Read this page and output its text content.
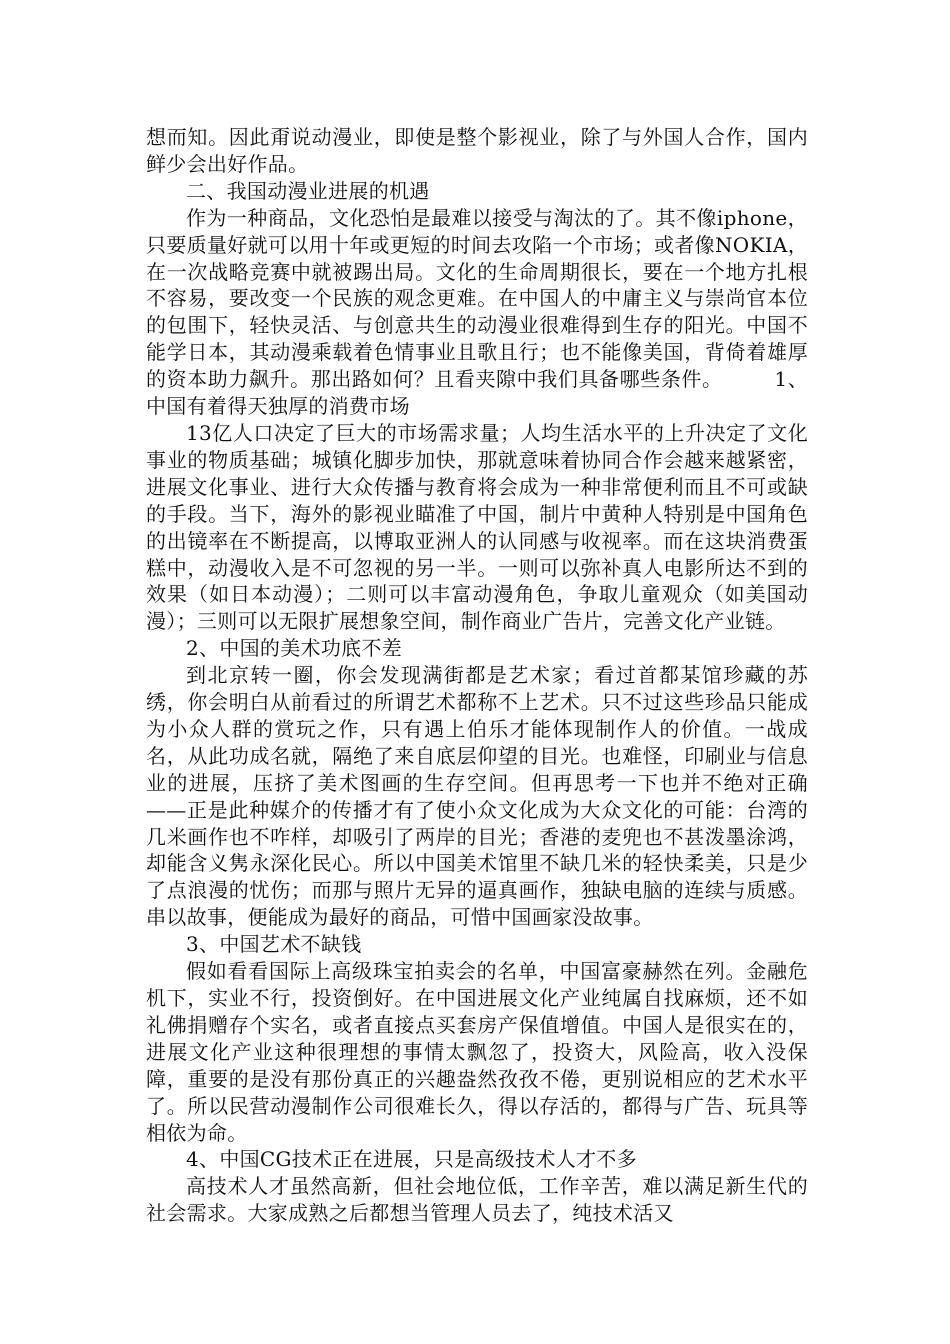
想而知。因此甭说动漫业，即使是整个影视业，除了与外国人合作，国内鲜少会出好作品。

二、我国动漫业进展的机遇

作为一种商品，文化恐怕是最难以接受与淘汰的了。其不像iphone，只要质量好就可以用十年或更短的时间去攻陷一个市场；或者像NOKIA，在一次战略竞赛中就被踢出局。文化的生命周期很长，要在一个地方扎根不容易，要改变一个民族的观念更难。在中国人的中庸主义与崇尚官本位的包围下，轻快灵活、与创意共生的动漫业很难得到生存的阳光。中国不能学日本，其动漫乘载着色情事业且歌且行；也不能像美国，背倚着雄厚的资本助力飙升。那出路如何？且看夹隙中我们具备哪些条件。　　　1、中国有着得天独厚的消费市场

13亿人口决定了巨大的市场需求量；人均生活水平的上升决定了文化事业的物质基础；城镇化脚步加快，那就意味着协同合作会越来越紧密，进展文化事业、进行大众传播与教育将会成为一种非常便利而且不可或缺的手段。当下，海外的影视业瞄准了中国，制片中黄种人特别是中国角色的出镜率在不断提高，以博取亚洲人的认同感与收视率。而在这块消费蛋糕中，动漫收入是不可忽视的另一半。一则可以弥补真人电影所达不到的效果（如日本动漫）；二则可以丰富动漫角色，争取儿童观众（如美国动漫）；三则可以无限扩展想象空间，制作商业广告片，完善文化产业链。

2、中国的美术功底不差

到北京转一圈，你会发现满街都是艺术家；看过首都某馆珍藏的苏绣，你会明白从前看过的所谓艺术都称不上艺术。只不过这些珍品只能成为小众人群的赏玩之作，只有遇上伯乐才能体现制作人的价值。一战成名，从此功成名就，隔绝了来自底层仰望的目光。也难怪，印刷业与信息业的进展，压挤了美术图画的生存空间。但再思考一下也并不绝对正确——正是此种媒介的传播才有了使小众文化成为大众文化的可能：台湾的几米画作也不咋样，却吸引了两岸的目光；香港的麦兜也不甚泼墨涂鸿，却能含义隽永深化民心。所以中国美术馆里不缺几米的轻快柔美，只是少了点浪漫的忧伤；而那与照片无异的逼真画作，独缺电脑的连续与质感。串以故事，便能成为最好的商品，可惜中国画家没故事。

3、中国艺术不缺钱

假如看看国际上高级珠宝拍卖会的名单，中国富豪赫然在列。金融危机下，实业不行，投资倒好。在中国进展文化产业纯属自找麻烦，还不如礼佛捐赠存个实名，或者直接点买套房产保值增值。中国人是很实在的，进展文化产业这种很理想的事情太飘忽了，投资大，风险高，收入没保障，重要的是没有那份真正的兴趣盎然孜孜不倦，更别说相应的艺术水平了。所以民营动漫制作公司很难长久，得以存活的，都得与广告、玩具等相依为命。

4、中国CG技术正在进展，只是高级技术人才不多

高技术人才虽然高新，但社会地位低，工作辛苦，难以满足新生代的社会需求。大家成熟之后都想当管理人员去了，纯技术活又
